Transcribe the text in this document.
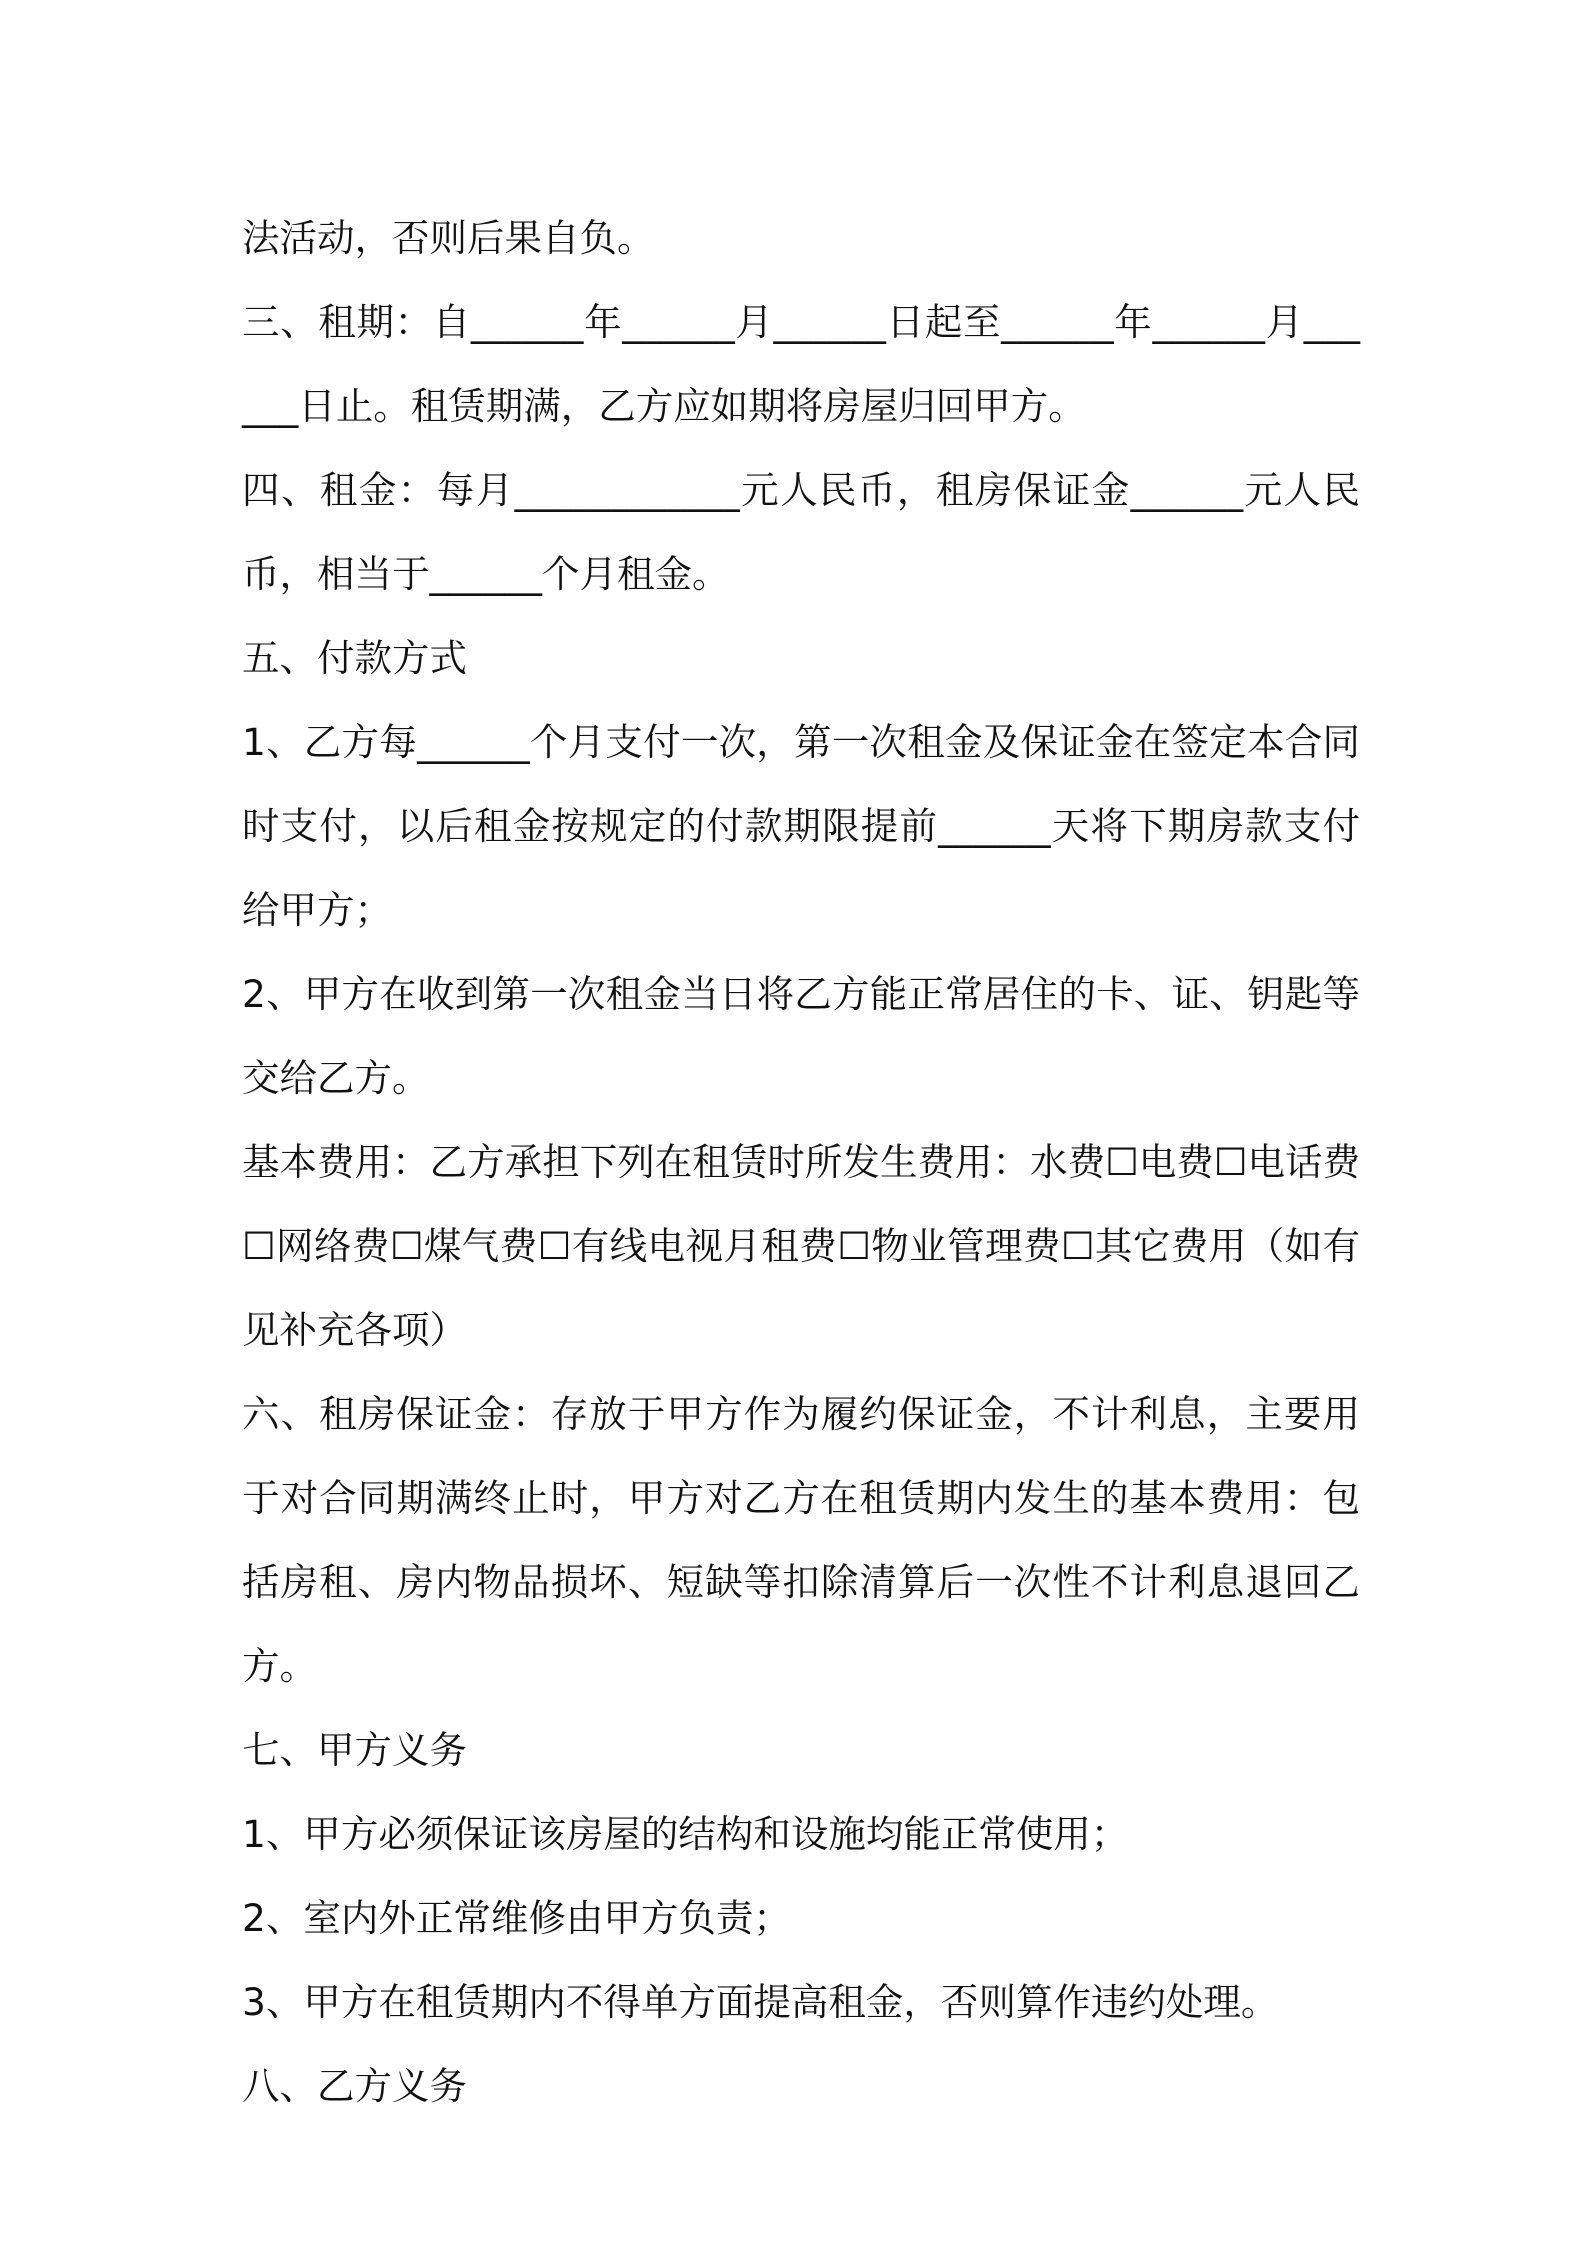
法活动，否则后果自负。

三、租期：自______年______月______日起至______年______月______日止。租赁期满，乙方应如期将房屋归回甲方。

四、租金：每月____________元人民币，租房保证金______元人民币，相当于______个月租金。

五、付款方式

1、乙方每______个月支付一次，第一次租金及保证金在签定本合同时支付，以后租金按规定的付款期限提前______天将下期房款支付给甲方；

2、甲方在收到第一次租金当日将乙方能正常居住的卡、证、钥匙等交给乙方。

基本费用：乙方承担下列在租赁时所发生费用：水费☐电费☐电话费☐网络费☐煤气费☐有线电视月租费☐物业管理费☐其它费用（如有见补充各项）

六、租房保证金：存放于甲方作为履约保证金，不计利息，主要用于对合同期满终止时，甲方对乙方在租赁期内发生的基本费用：包括房租、房内物品损坏、短缺等扣除清算后一次性不计利息退回乙方。

七、甲方义务

1、甲方必须保证该房屋的结构和设施均能正常使用；

2、室内外正常维修由甲方负责；

3、甲方在租赁期内不得单方面提高租金，否则算作违约处理。

八、乙方义务
